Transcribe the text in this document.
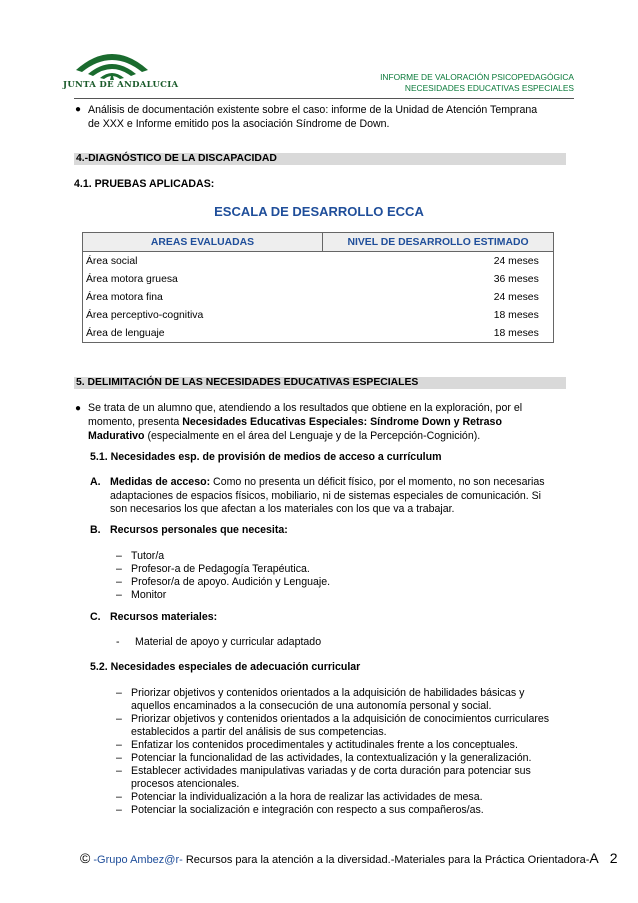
JUNTA DE ANDALUCIA
INFORME DE VALORACIÓN PSICOPEDAGÓGICA
NECESIDADES EDUCATIVAS ESPECIALES
● Análisis de documentación existente sobre el caso: informe de la Unidad de Atención Temprana
de XXX e Informe emitido pos la asociación Síndrome de Down.
4.-DIAGNÓSTICO DE LA DISCAPACIDAD
4.1. PRUEBAS APLICADAS:
ESCALA DE DESARROLLO ECCA
AREAS EVALUADAS	NIVEL DE DESARROLLO ESTIMADO
Área social	24 meses
Área motora gruesa	36 meses
Área motora fina	24 meses
Área perceptivo-cognitiva	18 meses
Área de lenguaje	18 meses
5. DELIMITACIÓN DE LAS NECESIDADES EDUCATIVAS ESPECIALES
● Se trata de un alumno que, atendiendo a los resultados que obtiene en la exploración, por el
momento, presenta Necesidades Educativas Especiales: Síndrome Down y Retraso
Madurativo (especialmente en el área del Lenguaje y de la Percepción-Cognición).
5.1. Necesidades esp. de provisión de medios de acceso a currículum
A. Medidas de acceso: Como no presenta un déficit físico, por el momento, no son necesarias
adaptaciones de espacios físicos, mobiliario, ni de sistemas especiales de comunicación. Si
son necesarios los que afectan a los materiales con los que va a trabajar.
B. Recursos personales que necesita:
– Tutor/a
– Profesor-a de Pedagogía Terapéutica.
– Profesor/a de apoyo. Audición y Lenguaje.
– Monitor
C. Recursos materiales:
- Material de apoyo y curricular adaptado
5.2. Necesidades especiales de adecuación curricular
– Priorizar objetivos y contenidos orientados a la adquisición de habilidades básicas y
aquellos encaminados a la consecución de una autonomía personal y social.
– Priorizar objetivos y contenidos orientados a la adquisición de conocimientos curriculares
establecidos a partir del análisis de sus competencias.
– Enfatizar los contenidos procedimentales y actitudinales frente a los conceptuales.
– Potenciar la funcionalidad de las actividades, la contextualización y la generalización.
– Establecer actividades manipulativas variadas y de corta duración para potenciar sus
procesos atencionales.
– Potenciar la individualización a la hora de realizar las actividades de mesa.
– Potenciar la socialización e integración con respecto a sus compañeros/as.
© -Grupo Ambez@r- Recursos para la atención a la diversidad.-Materiales para la Práctica Orientadora-A 2
